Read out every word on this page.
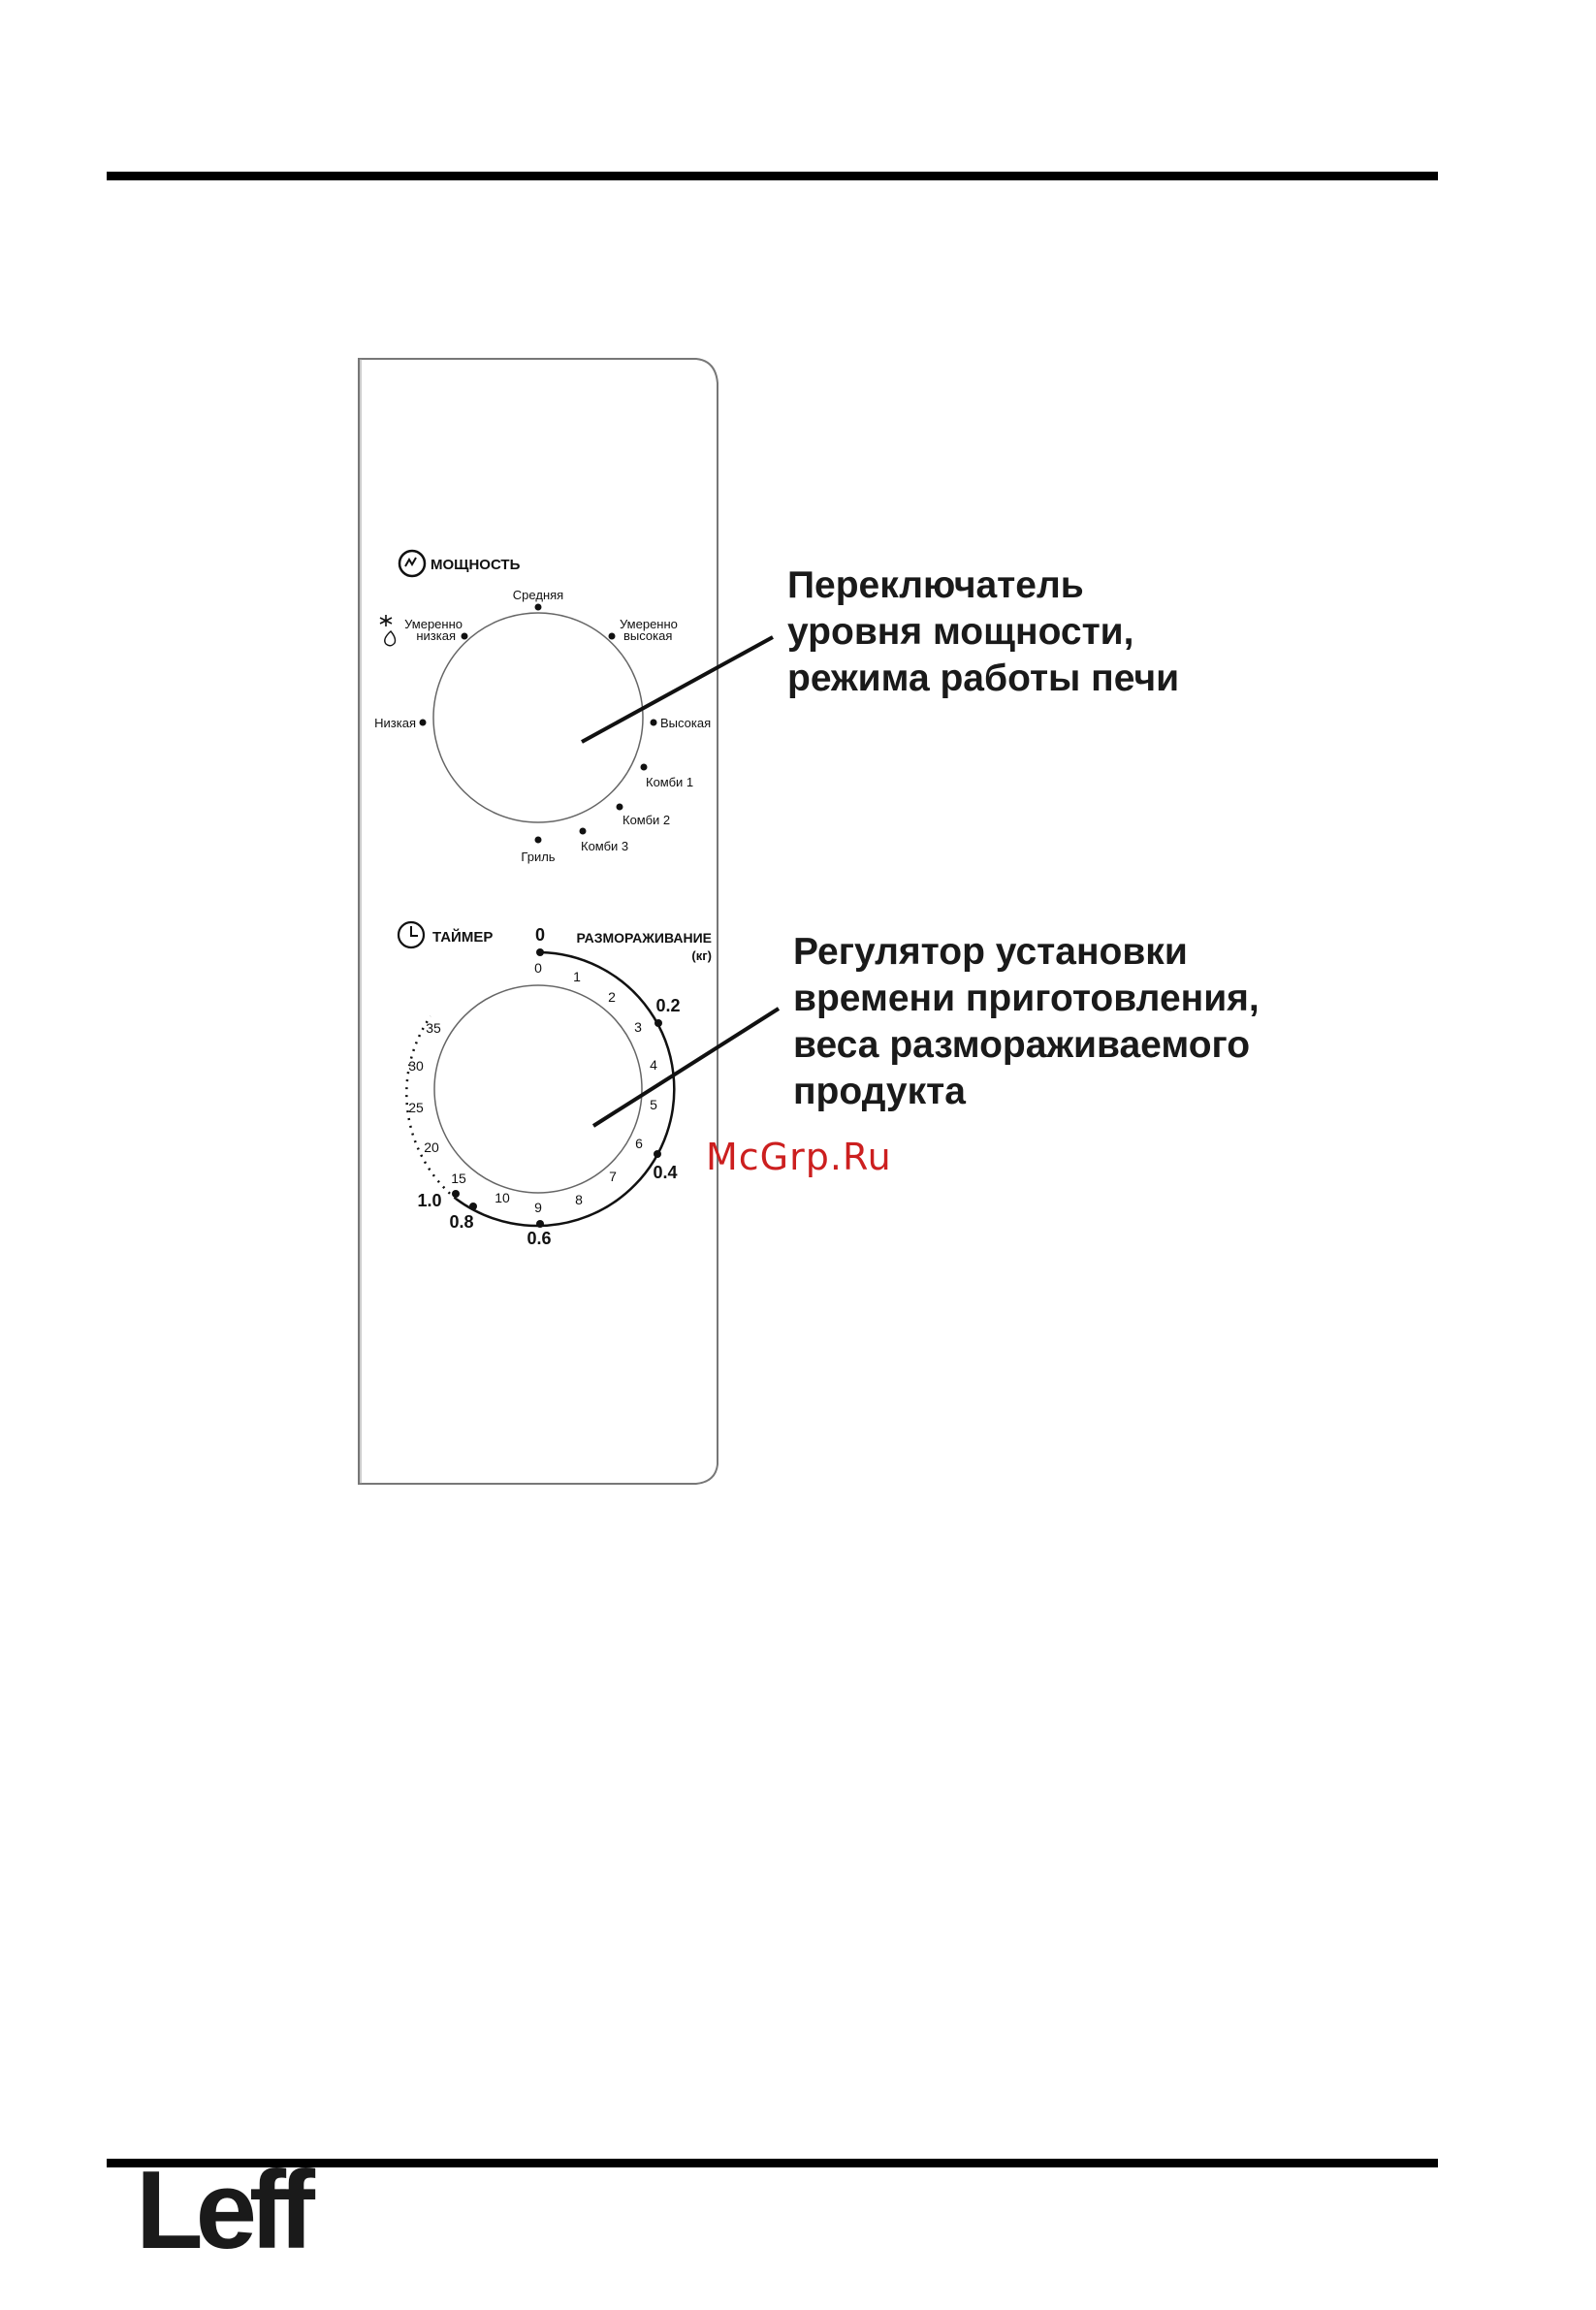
МОЩНОСТЬ
Средняя
Умеренно
низкая
Умеренно
высокая
Низкая	Высокая
Комби 1
Комби 2
Комби 3
Гриль
ТАЙМЕР 0 РАЗМОРАЖИВАНИЕ
(кг)
0
1
2
3
4
5
6
7
8
9
10
15
20
25
30
35
0.2
0.4
0.6
0.8
1.0
Переключатель
уровня мощности,
режима работы печи
Регулятор установки
времени приготовления,
веса размораживаемого
продукта
McGrp.Ru
Leff
